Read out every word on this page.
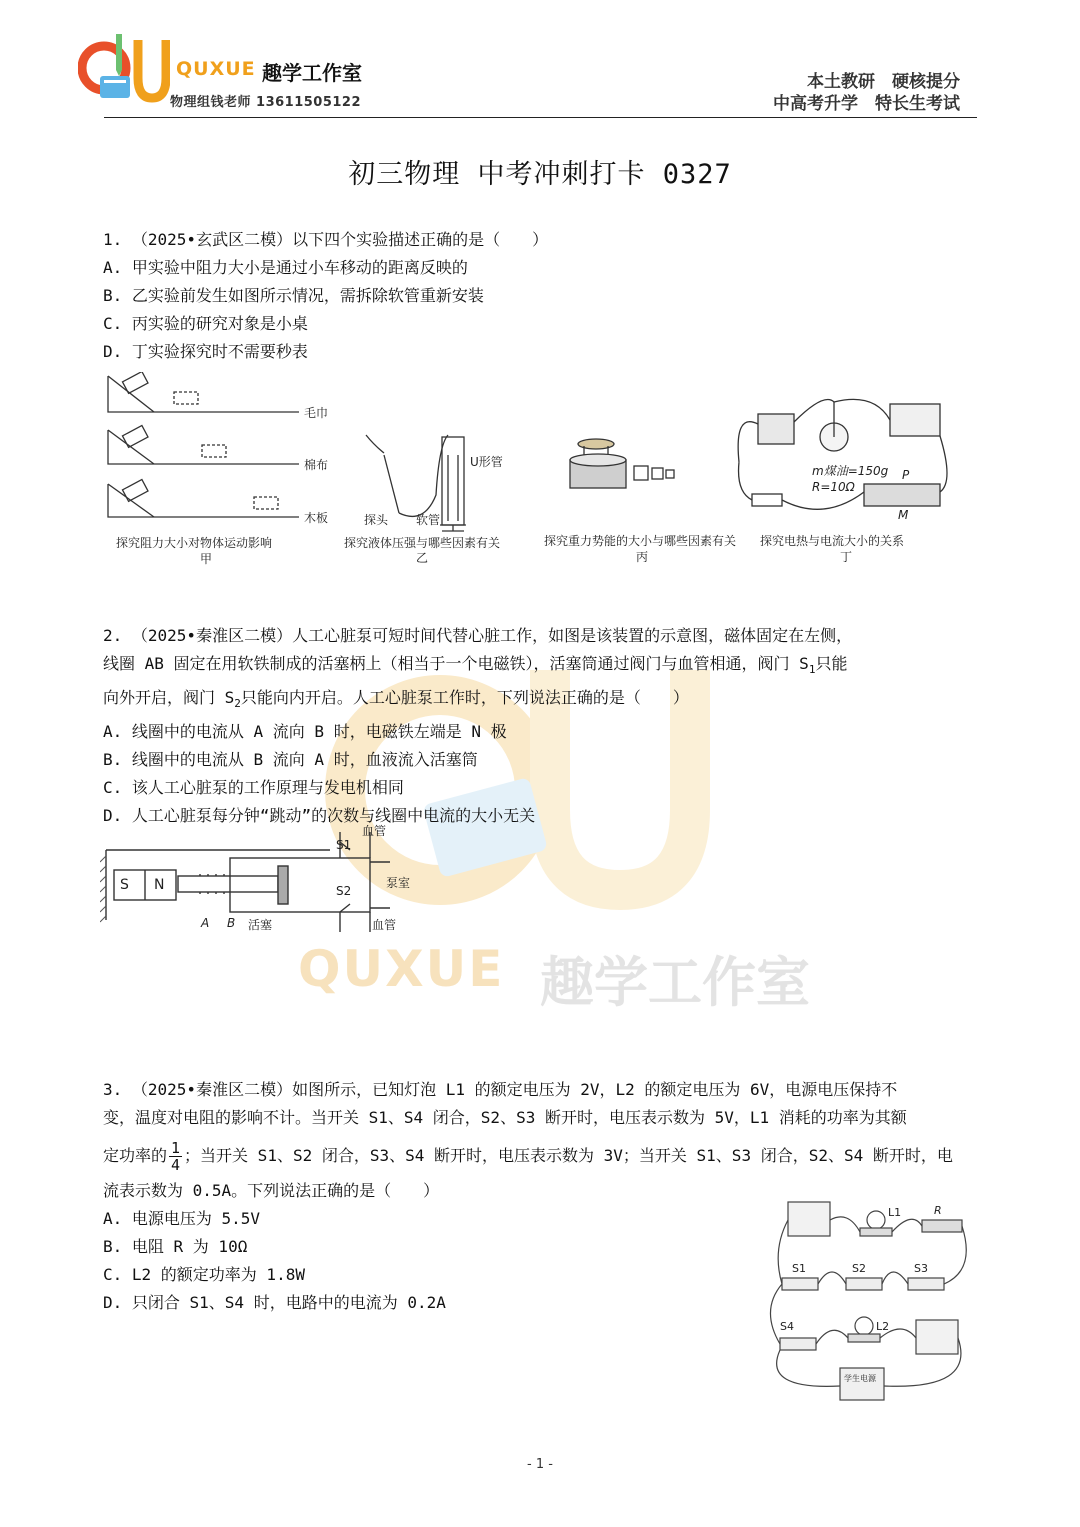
QUXUE 趣学工作室
物理组钱老师 13611505122
本土教研　硬核提分
中高考升学　特长生考试
初三物理 中考冲刺打卡 0327
QUXUE 趣学工作室
1. （2025•玄武区二模）以下四个实验描述正确的是（　　）
A. 甲实验中阻力大小是通过小车移动的距离反映的
B. 乙实验前发生如图所示情况，需拆除软管重新安装
C. 丙实验的研究对象是小桌
D. 丁实验探究时不需要秒表
毛巾
棉布
木板
探究阻力大小对物体运动影响
甲
U形管
探头 软管
探究液体压强与哪些因素有关
乙
探究重力势能的大小与哪些因素有关
丙
m煤油=150g
R=10Ω
P
M
探究电热与电流大小的关系
丁
2. （2025•秦淮区二模）人工心脏泵可短时间代替心脏工作，如图是该装置的示意图，磁体固定在左侧，
线圈 AB 固定在用软铁制成的活塞柄上（相当于一个电磁铁），活塞筒通过阀门与血管相通，阀门 $S_1$只能
向外开启，阀门 $S_2$只能向内开启。人工心脏泵工作时，下列说法正确的是（　　）
A. 线圈中的电流从 A 流向 B 时，电磁铁左端是 N 极
B. 线圈中的电流从 B 流向 A 时，血液流入活塞筒
C. 该人工心脏泵的工作原理与发电机相同
D. 人工心脏泵每分钟“跳动”的次数与线圈中电流的大小无关
S N
A B 活塞
S1
S2
血管
泵室
血管
3. （2025•秦淮区二模）如图所示，已知灯泡 L1 的额定电压为 2V，L2 的额定电压为 6V，电源电压保持不
变，温度对电阻的影响不计。当开关 S1、S4 闭合，S2、S3 断开时，电压表示数为 5V，L1 消耗的功率为其额
定功率的 $\frac{1}{4}$ ；当开关 S1、S2 闭合，S3、S4 断开时，电压表示数为 3V；当开关 S1、S3 闭合，S2、S4 断开时，电
流表示数为 0.5A。下列说法正确的是（　　）
A. 电源电压为 5.5V
B. 电阻 R 为 10Ω
C. L2 的额定功率为 1.8W
D. 只闭合 S1、S4 时，电路中的电流为 0.2A
L1	R
S1	S2	S3
S4	L2
学生电源
- 1 -
